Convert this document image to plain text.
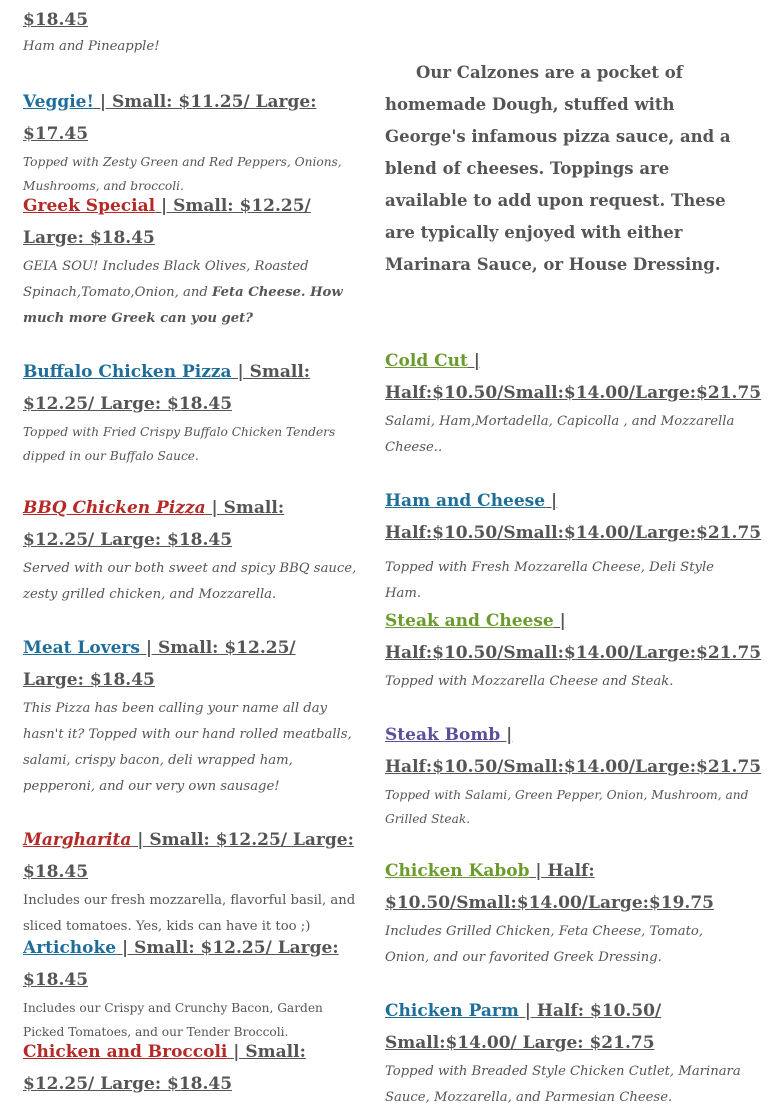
$18.45

Ham and Pineapple!

Veggie! | Small: $11.25/ Large: $17.45

Topped with Zesty Green and Red Peppers, Onions, Mushrooms, and broccoli.

Greek Special | Small: $12.25/ Large: $18.45

GEIA SOU! Includes Black Olives, Roasted Spinach,Tomato,Onion, and Feta Cheese. How much more Greek can you get?

Buffalo Chicken Pizza | Small: $12.25/ Large: $18.45

Topped with Fried Crispy Buffalo Chicken Tenders dipped in our Buffalo Sauce.

BBQ Chicken Pizza | Small: $12.25/ Large: $18.45

Served with our both sweet and spicy BBQ sauce, zesty grilled chicken, and Mozzarella.

Meat Lovers | Small: $12.25/ Large: $18.45

This Pizza has been calling your name all day hasn't it? Topped with our hand rolled meatballs, salami, crispy bacon, deli wrapped ham, pepperoni, and our very own sausage!

Margharita | Small: $12.25/ Large: $18.45

Includes our fresh mozzarella, flavorful basil, and sliced tomatoes. Yes, kids can have it too ;)

Artichoke | Small: $12.25/ Large: $18.45

Includes our Crispy and Crunchy Bacon, Garden Picked Tomatoes, and our Tender Broccoli.

Chicken and Broccoli | Small: $12.25/ Large: $18.45

Our Calzones are a pocket of homemade Dough, stuffed with George's infamous pizza sauce, and a blend of cheeses. Toppings are available to add upon request. These are typically enjoyed with either Marinara Sauce, or House Dressing.

Cold Cut | Half:$10.50/Small:$14.00/Large:$21.75

Salami, Ham,Mortadella, Capicolla , and Mozzarella Cheese..

Ham and Cheese | Half:$10.50/Small:$14.00/Large:$21.75

Topped with Fresh Mozzarella Cheese, Deli Style Ham.

Steak and Cheese | Half:$10.50/Small:$14.00/Large:$21.75

Topped with Mozzarella Cheese and Steak.

Steak Bomb | Half:$10.50/Small:$14.00/Large:$21.75

Topped with Salami, Green Pepper, Onion, Mushroom, and Grilled Steak.

Chicken Kabob | Half: $10.50/Small:$14.00/Large:$19.75

Includes Grilled Chicken, Feta Cheese, Tomato, Onion, and our favorited Greek Dressing.

Chicken Parm | Half: $10.50/ Small:$14.00/ Large: $21.75

Topped with Breaded Style Chicken Cutlet, Marinara Sauce, Mozzarella, and Parmesian Cheese.
